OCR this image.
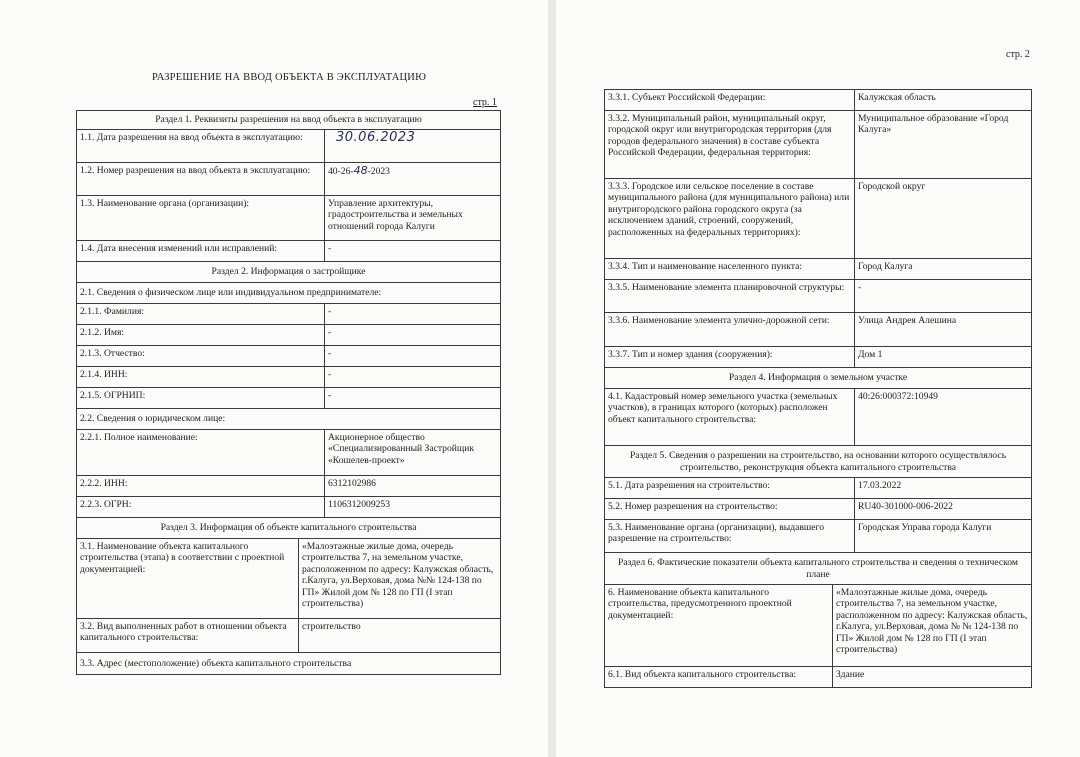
РАЗРЕШЕНИЕ НА ВВОД ОБЪЕКТА В ЭКСПЛУАТАЦИЮ
стр. 1
стр. 2
Раздел 1. Реквизиты разрешения на ввод объекта в эксплуатацию		
1.1. Дата разрешения на ввод объекта в эксплуатацию:		30.06.2023
1.2. Номер разрешения на ввод объекта в эксплуатацию:		40-26-48-2023
1.3. Наименование органа (организации):		Управление архитектуры, градостроительства и земельных отношений города Калуги
1.4. Дата внесения изменений или исправлений:		-
Раздел 2. Информация о застройщике		
2.1. Сведения о физическом лице или индивидуальном предпринимателе:		
2.1.1. Фамилия:		-
2.1.2. Имя:		-
2.1.3. Отчество:		-
2.1.4. ИНН:		-
2.1.5. ОГРНИП:		-
2.2. Сведения о юридическом лице:		
2.2.1. Полное наименование:		Акционерное общество «Специализированный Застройщик «Кошелев-проект»
2.2.2. ИНН:		6312102986
2.2.3. ОГРН:		1106312009253
Раздел 3. Информация об объекте капитального строительства		
3.1. Наименование объекта капитального строительства (этапа) в соответствии с проектной документацией:	«Малоэтажные жилые дома, очередь строительства 7, на земельном участке, расположенном по адресу: Калужская область, г.Калуга, ул.Верховая, дома №№ 124-138 по ГП» Жилой дом № 128 по ГП (I этап строительства)	
3.2. Вид выполненных работ в отношении объекта капитального строительства:	строительство	
3.3. Адрес (местоположение) объекта капитального строительства		
3.3.1. Субъект Российской Федерации:		Калужская область
3.3.2. Муниципальный район, муниципальный округ, городской округ или внутригородская территория (для городов федерального значения) в составе субъекта Российской Федерации, федеральная территория:		Муниципальное образование «Город Калуга»
3.3.3. Городское или сельское поселение в составе муниципального района (для муниципального района) или внутригородского района городского округа (за исключением зданий, строений, сооружений, расположенных на федеральных территориях):		Городской округ
3.3.4. Тип и наименование населенного пункта:		Город Калуга
3.3.5. Наименование элемента планировочной структуры:		-
3.3.6. Наименование элемента улично-дорожной сети:		Улица Андрея Алешина
3.3.7. Тип и номер здания (сооружения):		Дом 1
Раздел 4. Информация о земельном участке		
4.1. Кадастровый номер земельного участка (земельных участков), в границах которого (которых) расположен объект капитального строительства:		40:26:000372:10949
Раздел 5. Сведения о разрешении на строительство, на основании которого осуществлялось строительство, реконструкция объекта капитального строительства		
5.1. Дата разрешения на строительство:		17.03.2022
5.2. Номер разрешения на строительство:		RU40-301000-006-2022
5.3. Наименование органа (организации), выдавшего разрешение на строительство:		Городская Управа города Калуги
Раздел 6. Фактические показатели объекта капитального строительства и сведения о техническом плане		
6. Наименование объекта капитального строительства, предусмотренного проектной документацией:	«Малоэтажные жилые дома, очередь строительства 7, на земельном участке, расположенном по адресу: Калужская область, г.Калуга, ул.Верховая, дома № № 124-138 по ГП» Жилой дом № 128 по ГП (I этап строительства)	
6.1. Вид объекта капитального строительства:	Здание	
